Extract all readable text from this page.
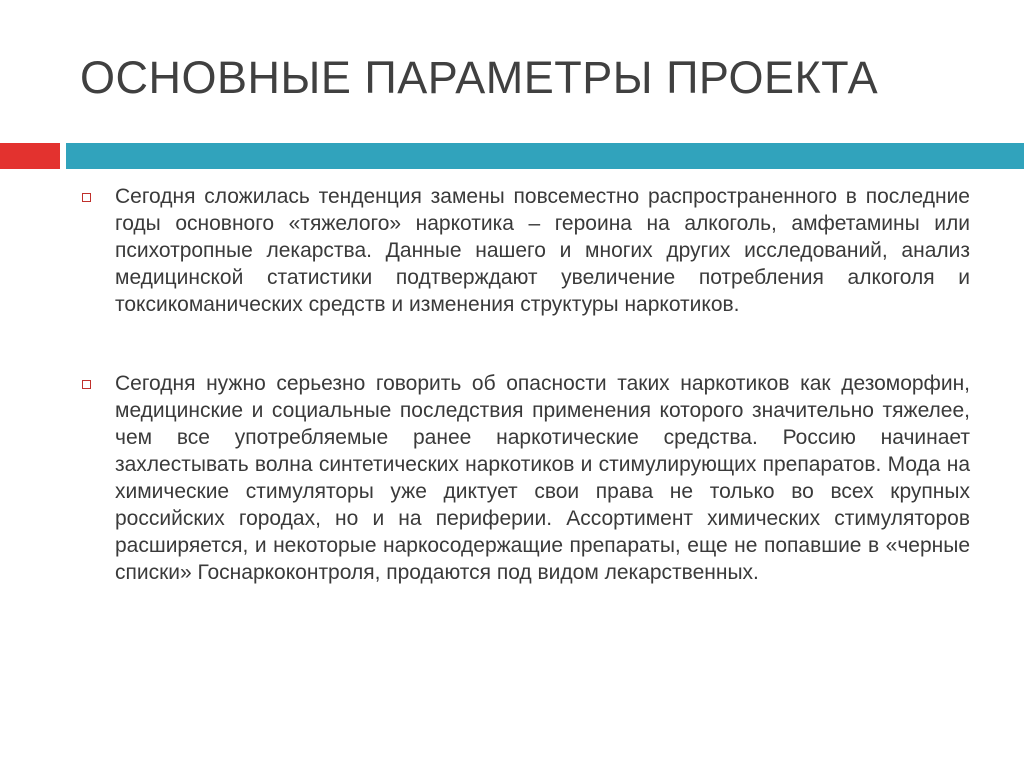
ОСНОВНЫЕ ПАРАМЕТРЫ ПРОЕКТА
Сегодня сложилась тенденция замены повсеместно распространенного в последние годы основного «тяжелого» наркотика – героина на алкоголь, амфетамины или психотропные лекарства. Данные нашего и многих других исследований, анализ медицинской статистики подтверждают увеличение потребления алкоголя и токсикоманических средств и изменения структуры наркотиков.
Сегодня нужно серьезно говорить об опасности таких наркотиков как дезоморфин, медицинские и социальные последствия применения которого значительно тяжелее, чем все употребляемые ранее наркотические средства. Россию начинает захлестывать волна синтетических наркотиков и стимулирующих препаратов. Мода на химические стимуляторы уже диктует свои права не только во всех крупных российских городах, но и на периферии. Ассортимент химических стимуляторов расширяется, и некоторые наркосодержащие препараты, еще не попавшие в «черные списки» Госнаркоконтроля, продаются под видом лекарственных.
